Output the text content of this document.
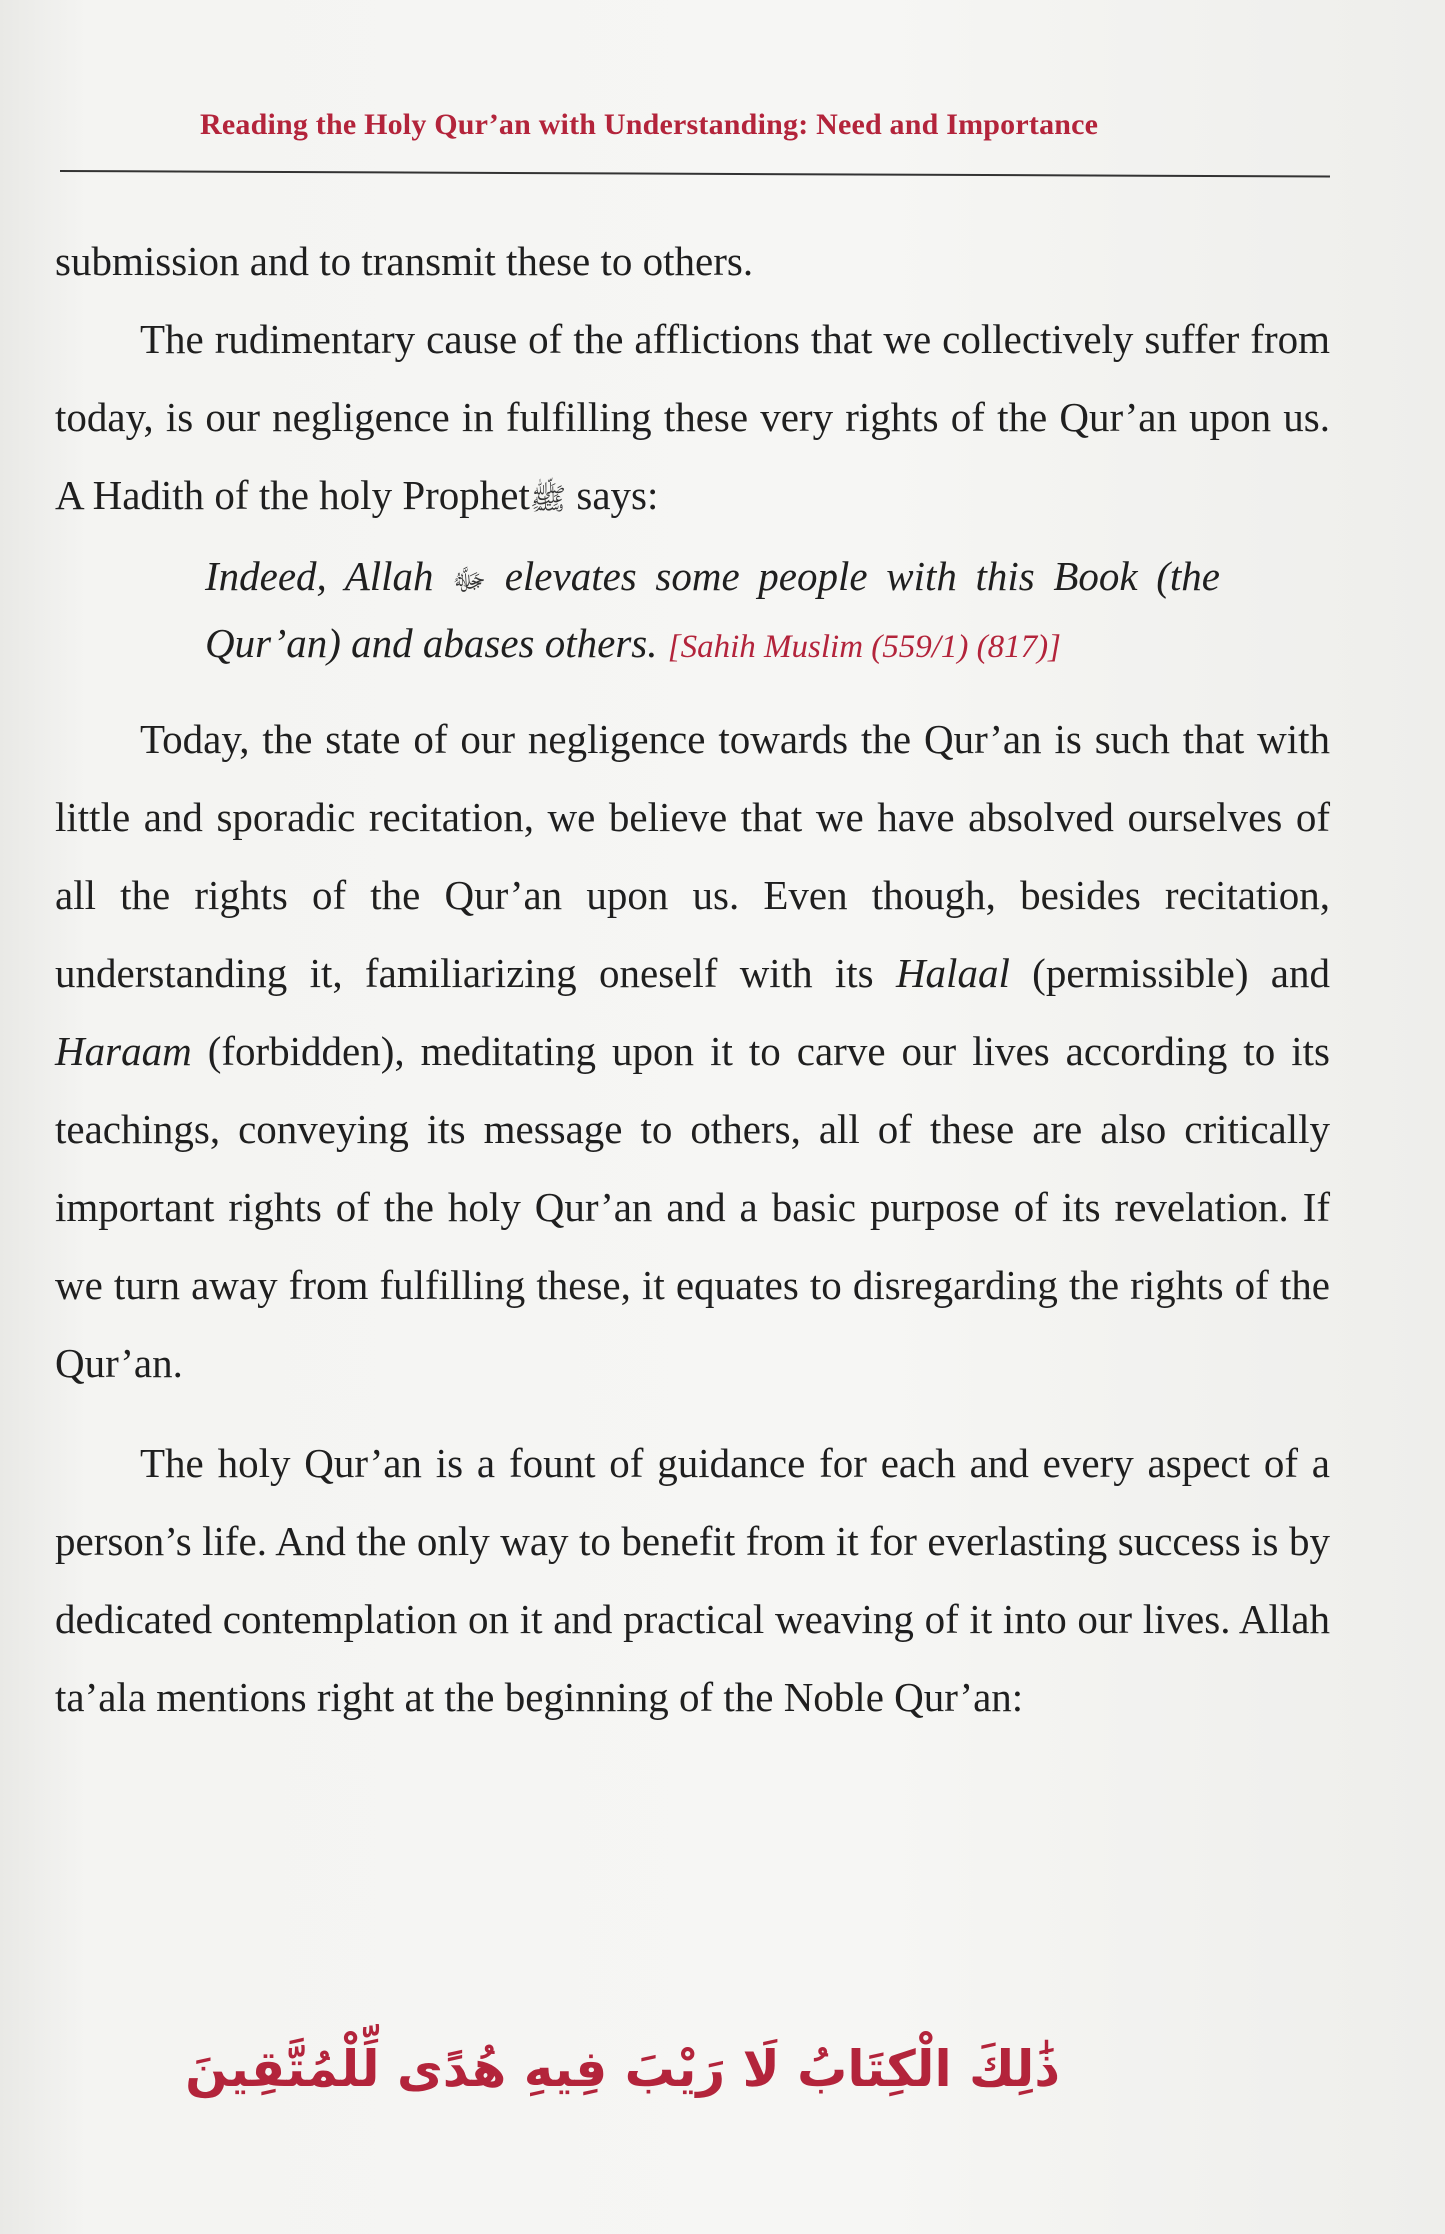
Reading the Holy Qur’an with Understanding: Need and Importance

submission and to transmit these to others.

The rudimentary cause of the afflictions that we collectively suffer from today, is our negligence in fulfilling these very rights of the Qur’an upon us. A Hadith of the holy Prophetﷺ says:

Indeed, Allah ﷻ elevates some people with this Book (the Qur’an) and abases others. [Sahih Muslim (559/1) (817)]

Today, the state of our negligence towards the Qur’an is such that with little and sporadic recitation, we believe that we have absolved ourselves of all the rights of the Qur’an upon us. Even though, besides recitation, understanding it, familiarizing oneself with its Halaal (permissible) and Haraam (forbidden), meditating upon it to carve our lives according to its teachings, conveying its message to others, all of these are also critically important rights of the holy Qur’an and a basic purpose of its revelation. If we turn away from fulfilling these, it equates to disregarding the rights of the Qur’an.

The holy Qur’an is a fount of guidance for each and every aspect of a person’s life. And the only way to benefit from it for everlasting success is by dedicated contemplation on it and practical weaving of it into our lives. Allah ta’ala mentions right at the beginning of the Noble Qur’an:

ذَٰلِكَ الْكِتَابُ لَا رَيْبَ فِيهِ هُدًى لِّلْمُتَّقِينَ
